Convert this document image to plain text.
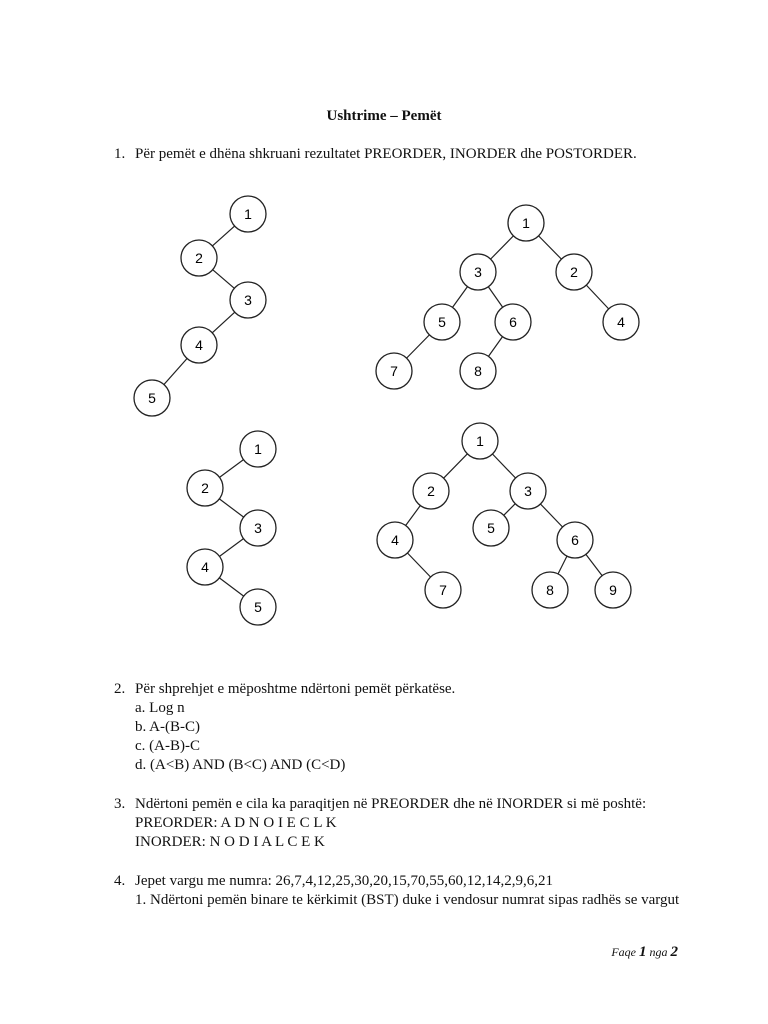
Ushtrime – Pemët
1. Për pemët e dhëna shkruani rezultatet PREORDER, INORDER dhe POSTORDER.
1
2
3
4
5
1
3	2
5	6	4
7	8
1
2
3
4
5
1
2	3
4
5
6
7	8	9
2. Për shprehjet e mëposhtme ndërtoni pemët përkatëse.
a. Log n
b. A-(B-C)
c. (A-B)-C
d. (A<B) AND (B<C) AND (C<D)
3. Ndërtoni pemën e cila ka paraqitjen në PREORDER dhe në INORDER si më poshtë:
PREORDER: A D N O I E C L K
INORDER: N O D I A L C E K
4. Jepet vargu me numra: 26,7,4,12,25,30,20,15,70,55,60,12,14,2,9,6,21
1. Ndërtoni pemën binare te kërkimit (BST) duke i vendosur numrat sipas radhës se vargut
Faqe 1 nga 2
